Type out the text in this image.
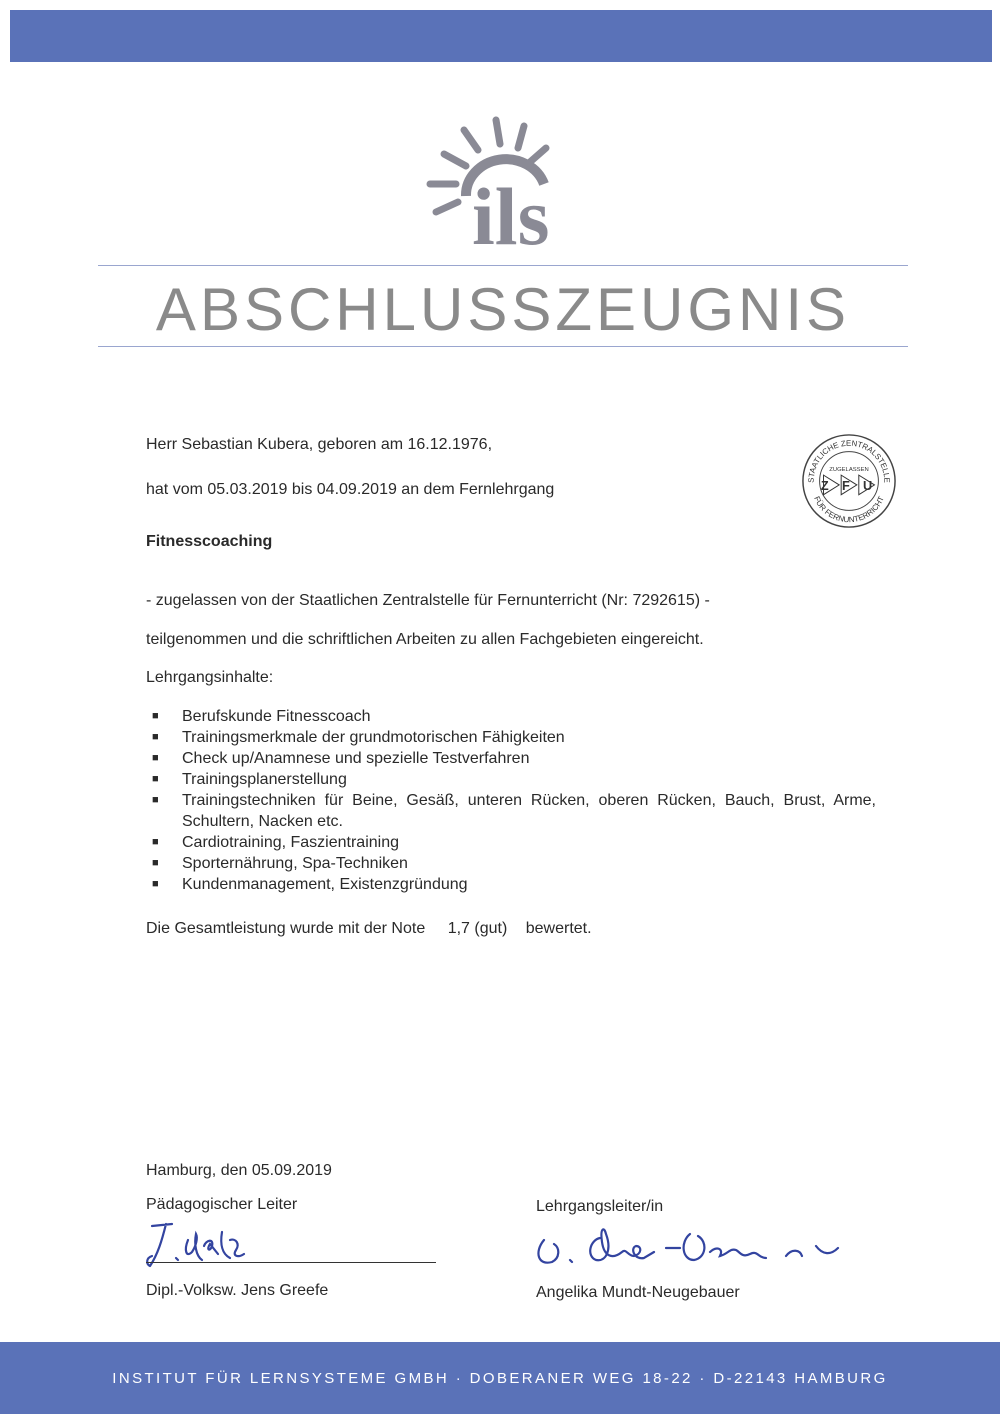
ils
ABSCHLUSSZEUGNIS
STAATLICHE ZENTRALSTELLE
FÜR FERNUNTERRICHT
ZUGELASSEN
Z F U
Herr Sebastian Kubera, geboren am 16.12.1976,
hat vom 05.03.2019 bis 04.09.2019 an dem Fernlehrgang
Fitnesscoaching
- zugelassen von der Staatlichen Zentralstelle für Fernunterricht (Nr: 7292615) -
teilgenommen und die schriftlichen Arbeiten zu allen Fachgebieten eingereicht.
Lehrgangsinhalte:
■ Berufskunde Fitnesscoach
■ Trainingsmerkmale der grundmotorischen Fähigkeiten
■ Check up/Anamnese und spezielle Testverfahren
■ Trainingsplanerstellung
■ Trainingstechniken für Beine, Gesäß, unteren Rücken, oberen Rücken, Bauch, Brust, Arme, Schultern, Nacken etc.
■ Cardiotraining, Faszientraining
■ Sporternährung, Spa-Techniken
■ Kundenmanagement, Existenzgründung
Die Gesamtleistung wurde mit der Note 1,7 (gut) bewertet.
Hamburg, den 05.09.2019
Pädagogischer Leiter	Lehrgangsleiter/in
Dipl.-Volksw. Jens Greefe	Angelika Mundt-Neugebauer
INSTITUT FÜR LERNSYSTEME GMBH · DOBERANER WEG 18-22 · D-22143 HAMBURG
